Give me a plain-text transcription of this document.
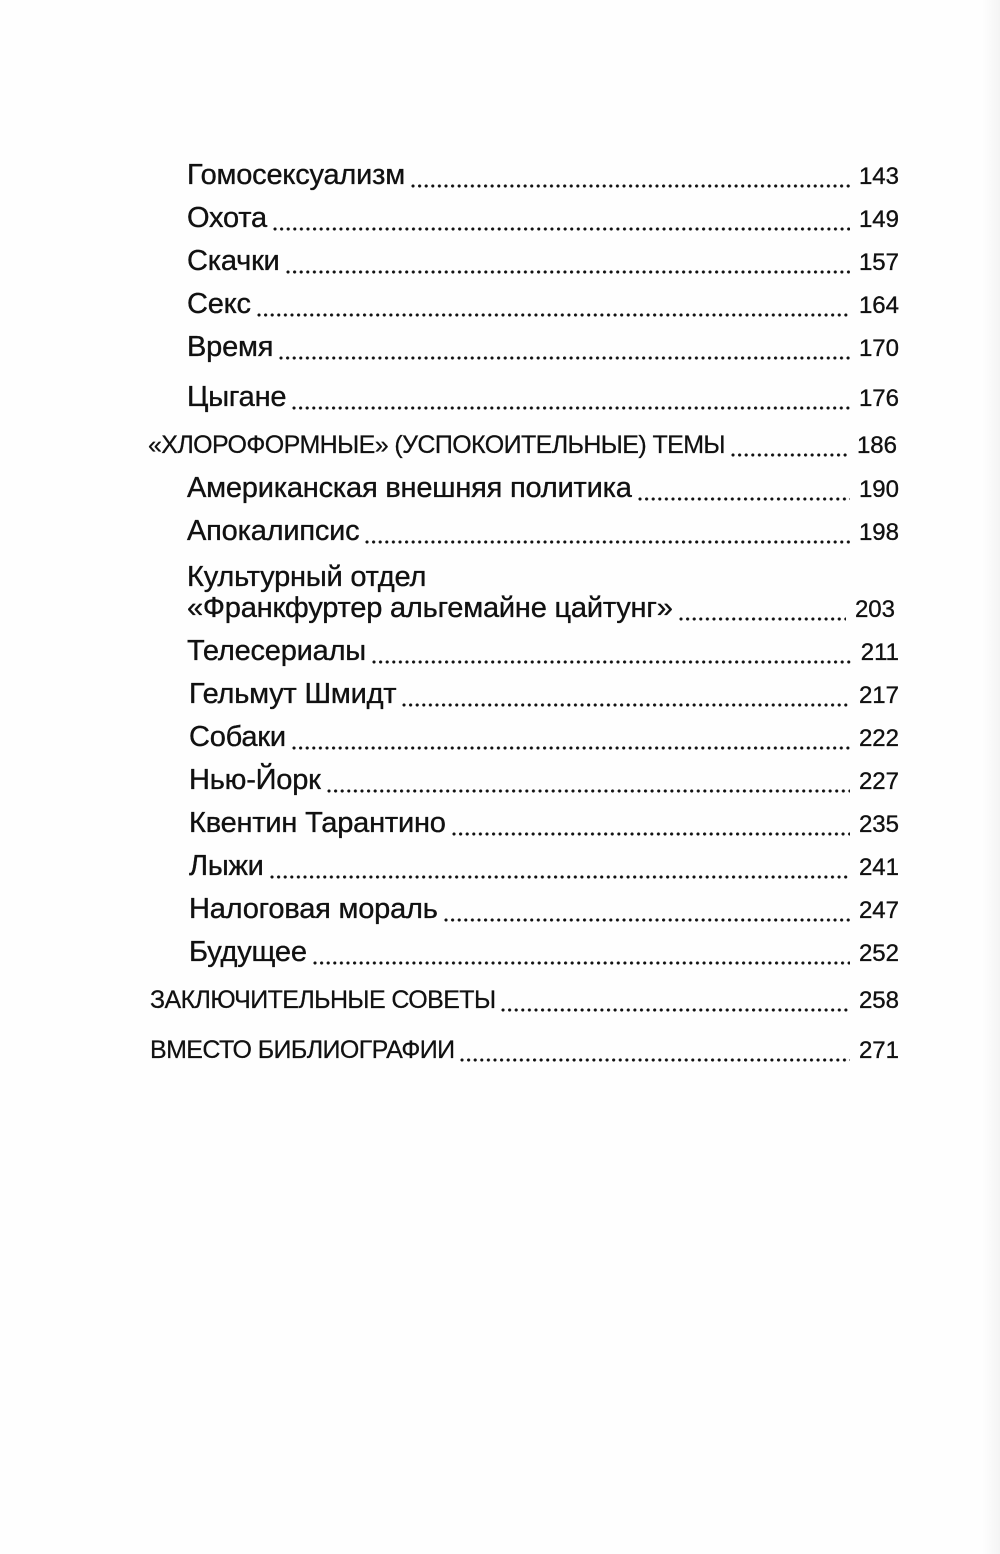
Гомосексуализм	143
Охота	149
Скачки	157
Секс	164
Время	170
Цыгане	176
«ХЛОРОФОРМНЫЕ» (УСПОКОИТЕЛЬНЫЕ) ТЕМЫ	186
Американская внешняя политика	190
Апокалипсис	198
Культурный отдел
«Франкфуртер альгемайне цайтунг»	203
Телесериалы	211
Гельмут Шмидт	217
Собаки	222
Нью-Йорк	227
Квентин Тарантино	235
Лыжи	241
Налоговая мораль	247
Будущее	252
ЗАКЛЮЧИТЕЛЬНЫЕ СОВЕТЫ	258
ВМЕСТО БИБЛИОГРАФИИ	271
